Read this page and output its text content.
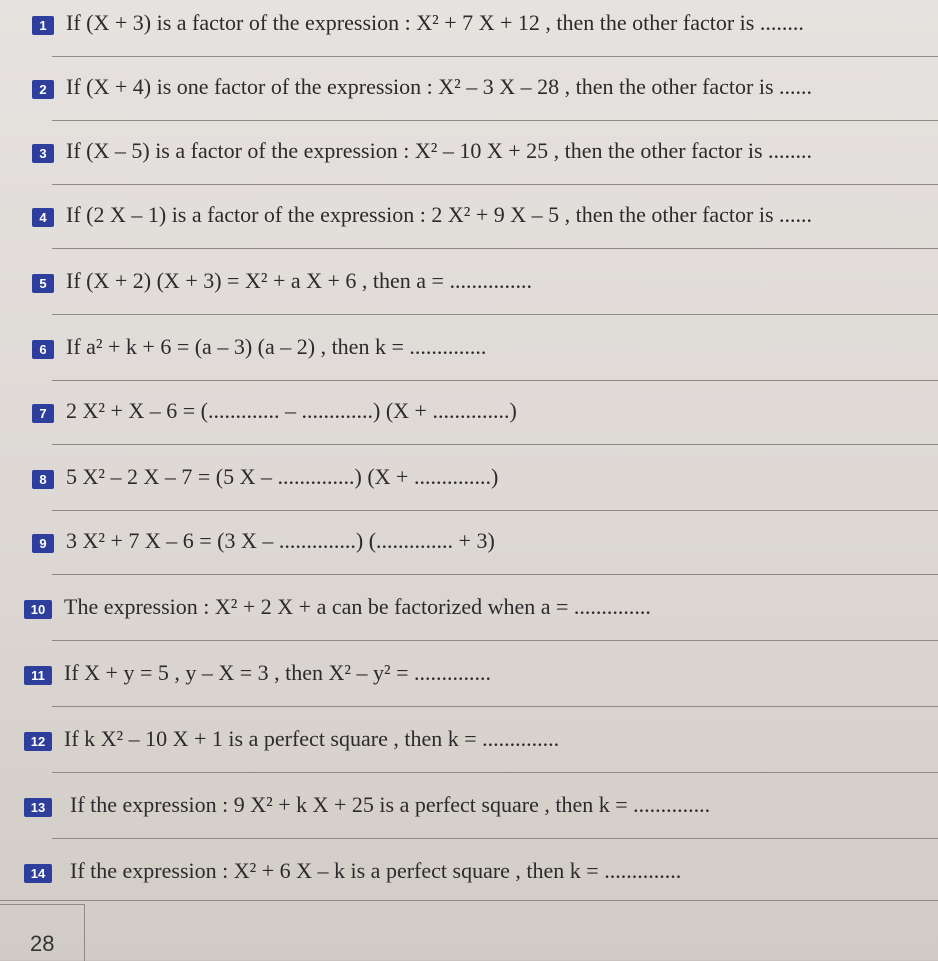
1 If (X + 3) is a factor of the expression : X² + 7 X + 12 , then the other factor is ........
2 If (X + 4) is one factor of the expression : X² – 3 X – 28 , then the other factor is ......
3 If (X – 5) is a factor of the expression : X² – 10 X + 25 , then the other factor is ........
4 If (2 X – 1) is a factor of the expression : 2 X² + 9 X – 5 , then the other factor is ......
5 If (X + 2) (X + 3) = X² + a X + 6 , then a = ...............
6 If a² + k + 6 = (a – 3) (a – 2) , then k = ..............
7 2 X² + X – 6 = (............. – .............) (X + ..............)
8 5 X² – 2 X – 7 = (5 X – ..............) (X + ..............)
9 3 X² + 7 X – 6 = (3 X – ..............) (.............. + 3)
10 The expression : X² + 2 X + a can be factorized when a = ..............
11 If X + y = 5 , y – X = 3 , then X² – y² = ..............
12 If k X² – 10 X + 1 is a perfect square , then k = ..............
13	If the expression : 9 X² + k X + 25 is a perfect square , then k = ..............
14	If the expression : X² + 6 X – k is a perfect square , then k = ..............
28
